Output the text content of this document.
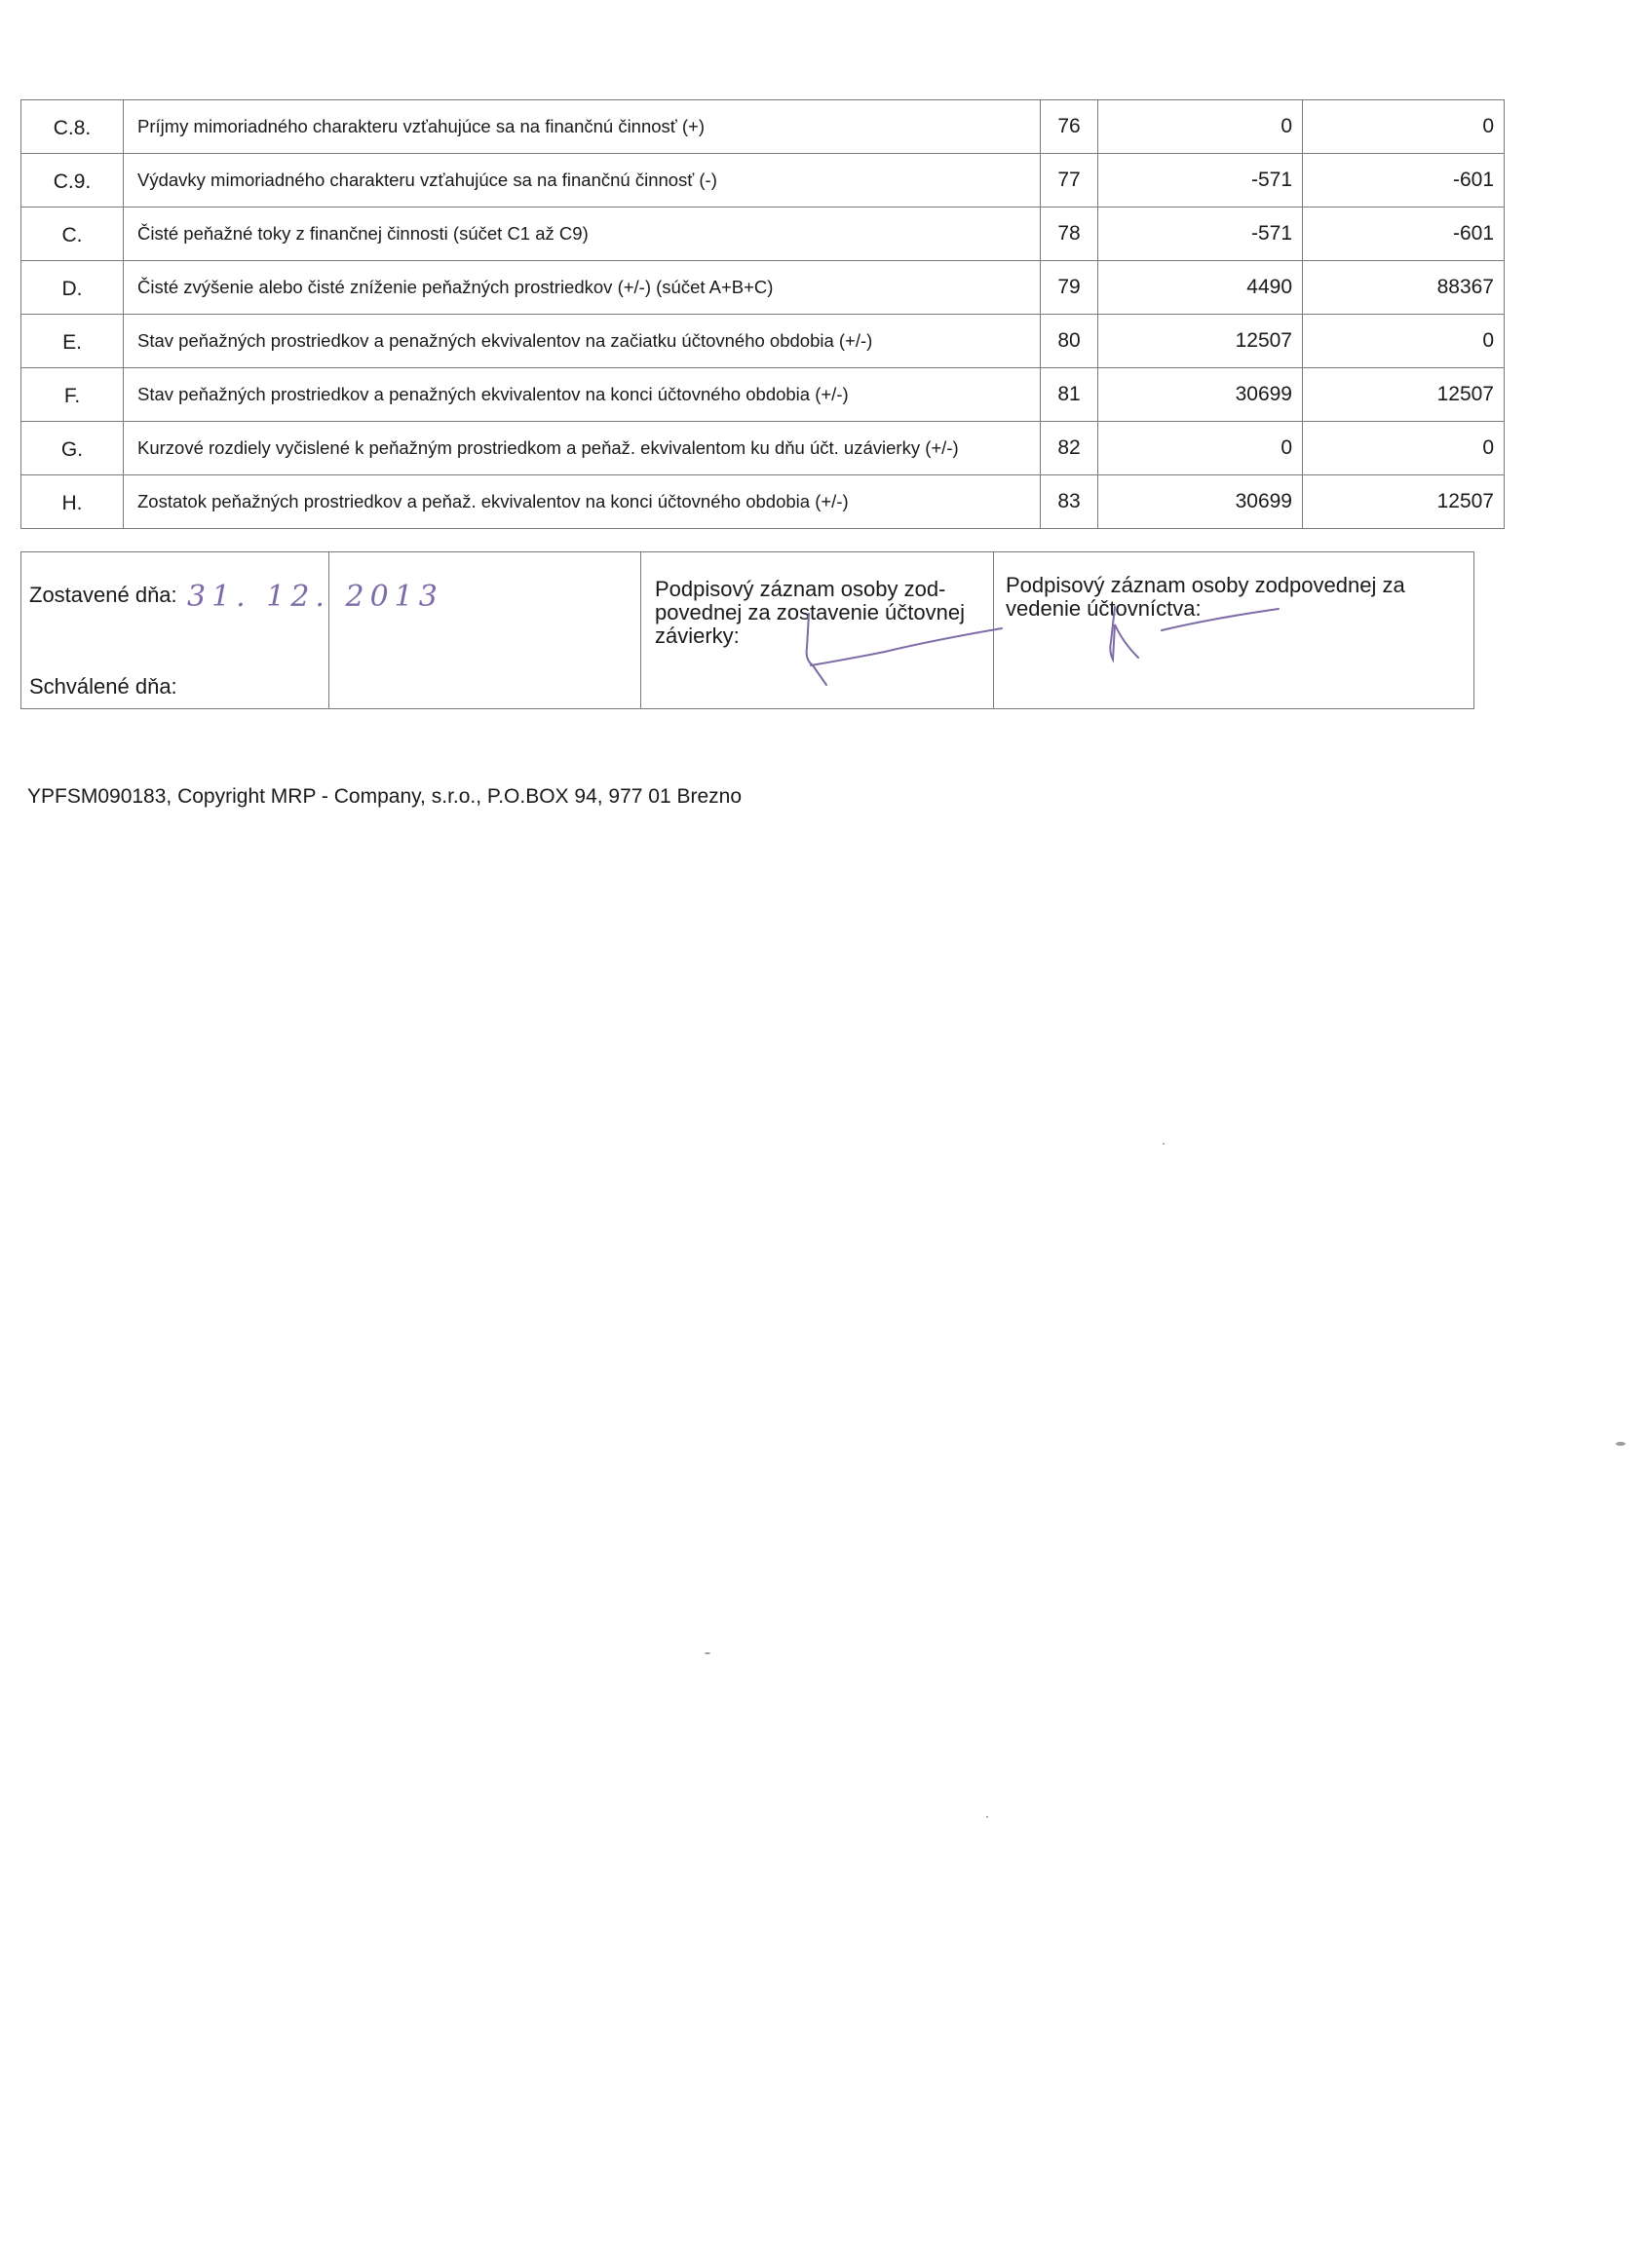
C.8.	Príjmy mimoriadného charakteru vzťahujúce sa na finančnú činnosť (+)	76	0	0
C.9.	Výdavky mimoriadného charakteru vzťahujúce sa na finančnú činnosť (-)	77	-571	-601
C.	Čisté peňažné toky z finančnej činnosti (súčet C1 až C9)	78	-571	-601
D.	Čisté zvýšenie alebo čisté zníženie peňažných prostriedkov (+/-) (súčet A+B+C)	79	4490	88367
E.	Stav peňažných prostriedkov a penažných ekvivalentov na začiatku účtovného obdobia (+/-)	80	12507	0
F.	Stav peňažných prostriedkov a penažných ekvivalentov na konci účtovného obdobia (+/-)	81	30699	12507
G.	Kurzové rozdiely vyčislené k peňažným prostriedkom a peňaž. ekvivalentom ku dňu účt. uzávierky (+/-)	82	0	0
H.	Zostatok peňažných prostriedkov a peňaž. ekvivalentov na konci účtovného obdobia (+/-)	83	30699	12507
Zostavené dňa: 31. 12. 2013
Schválené dňa:
Podpisový záznam osoby zod-povednej za zostavenie účtovnej závierky:
Podpisový záznam osoby zodpovednej za vedenie účtovníctva:
YPFSM090183, Copyright MRP - Company, s.r.o., P.O.BOX 94, 977 01 Brezno
